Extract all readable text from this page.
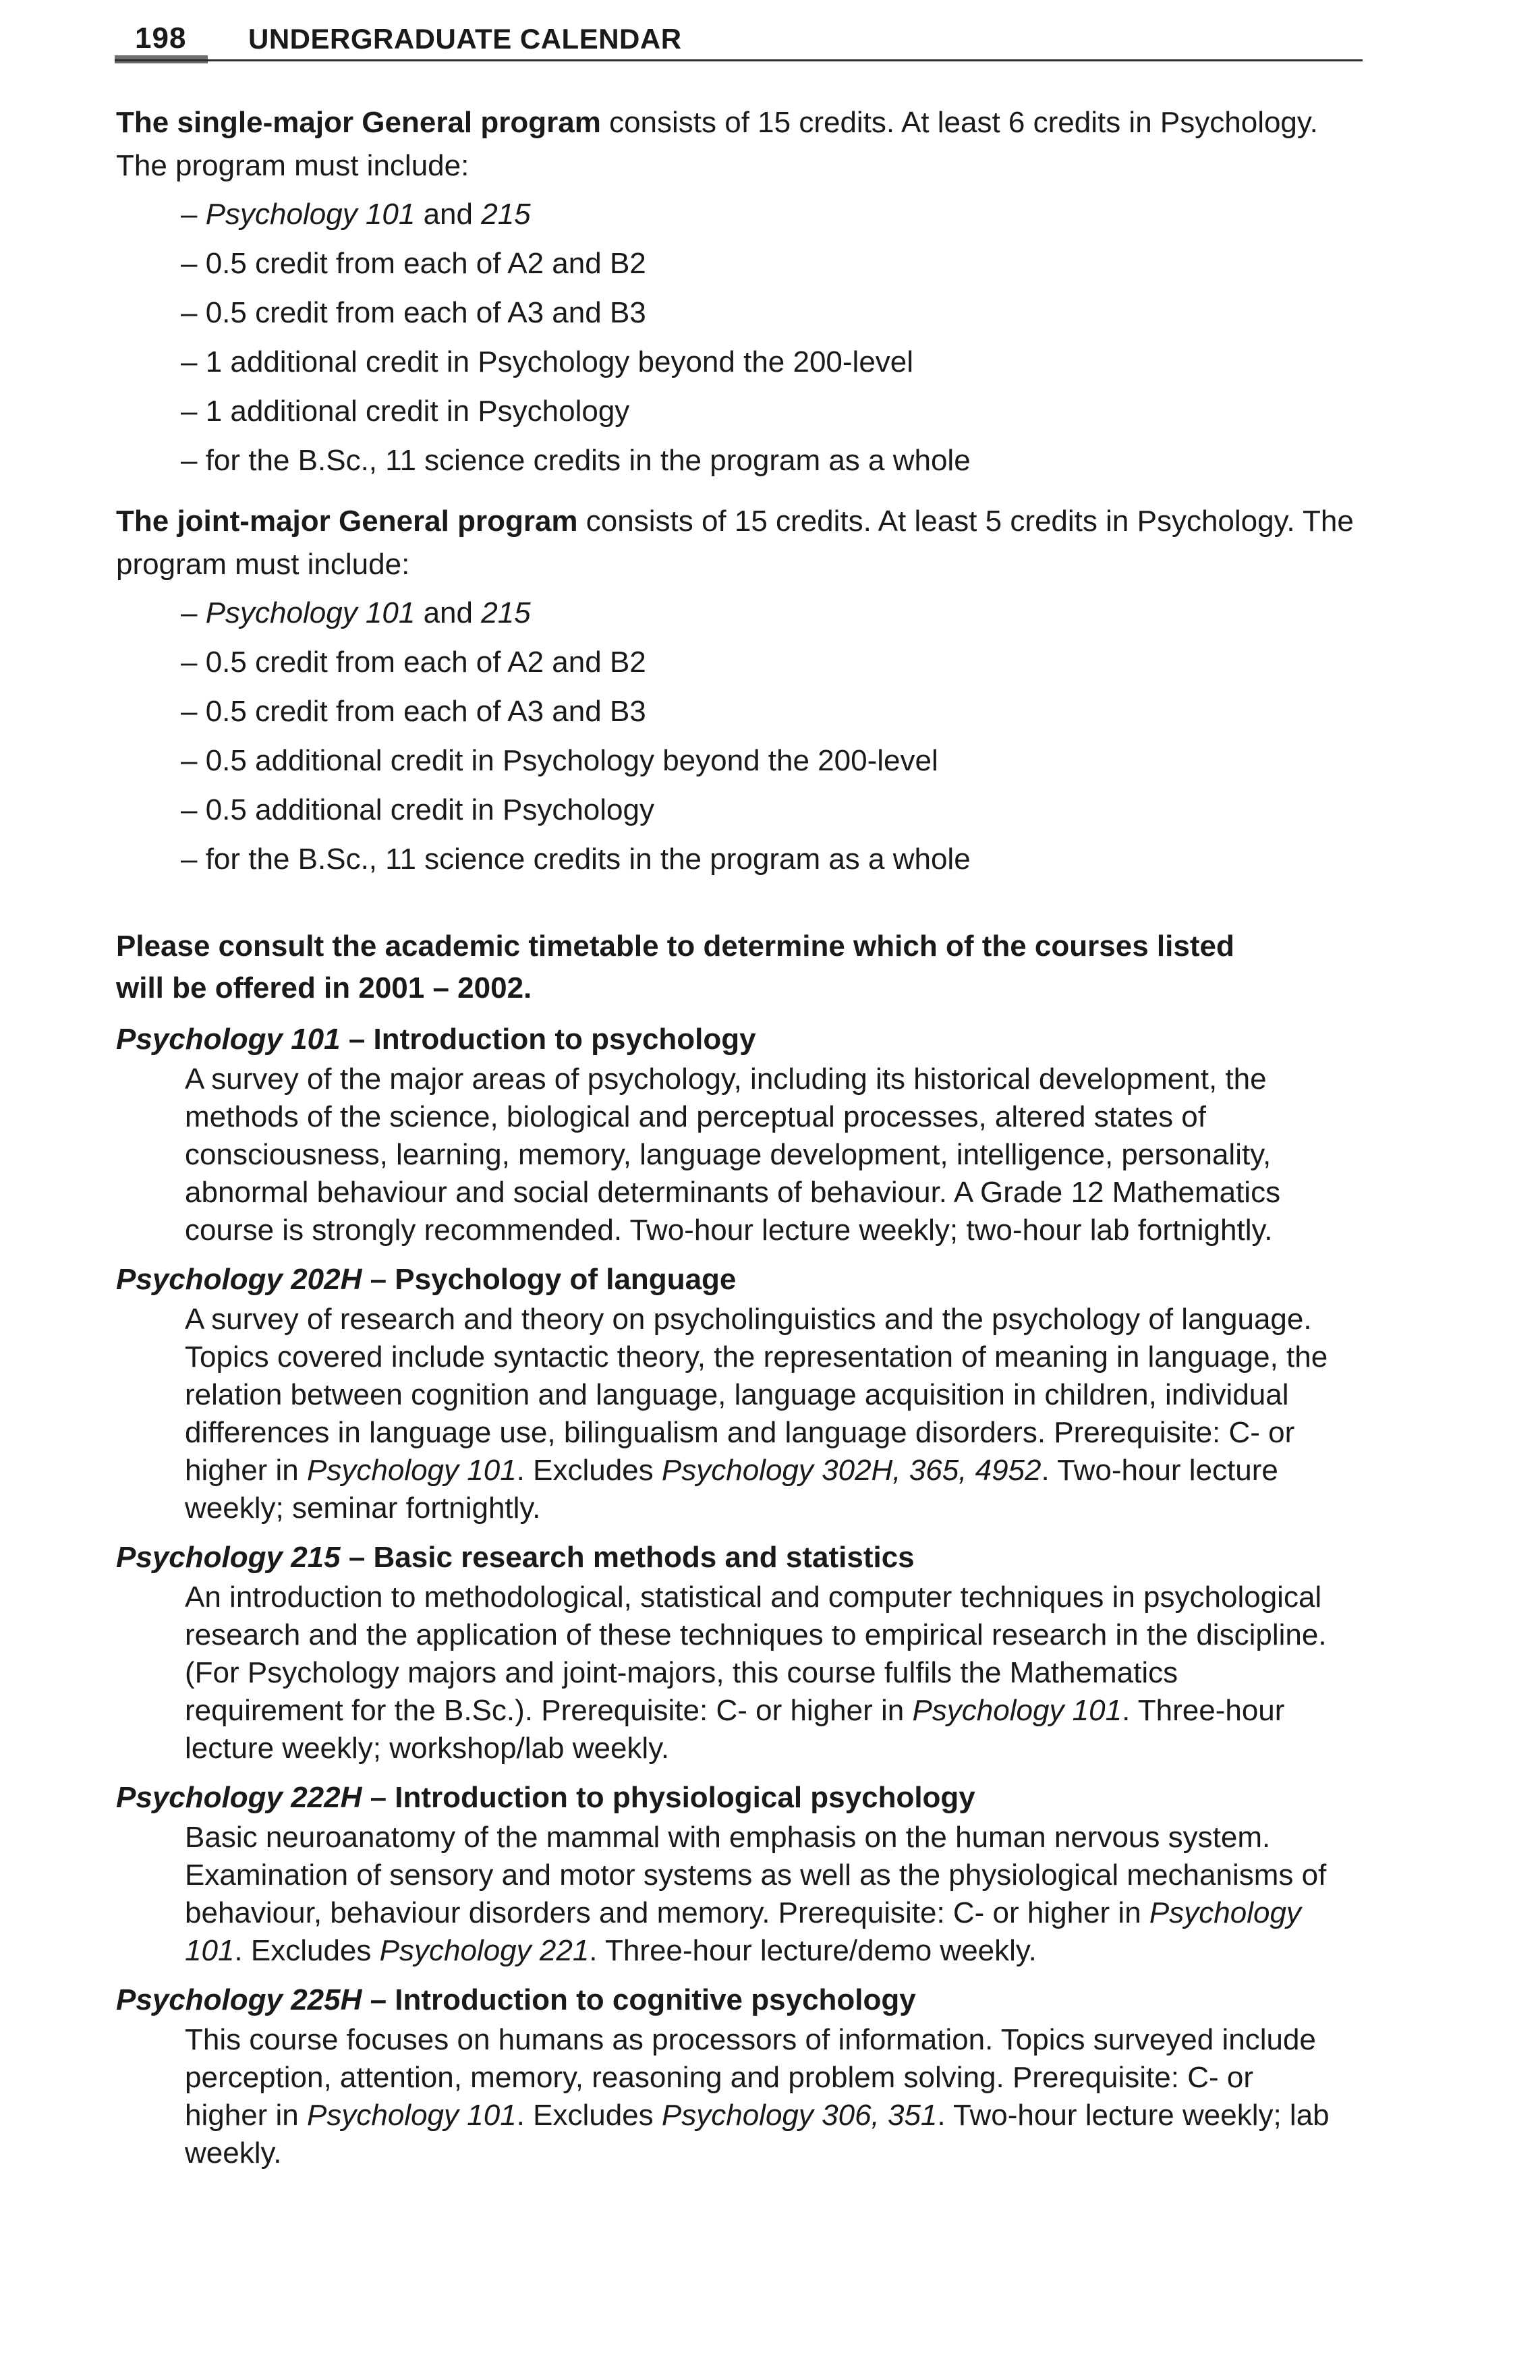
198 UNDERGRADUATE CALENDAR

The single-major General program consists of 15 credits. At least 6 credits in Psychology. The program must include:

– Psychology 101 and 215
– 0.5 credit from each of A2 and B2
– 0.5 credit from each of A3 and B3
– 1 additional credit in Psychology beyond the 200-level
– 1 additional credit in Psychology
– for the B.Sc., 11 science credits in the program as a whole

The joint-major General program consists of 15 credits. At least 5 credits in Psychology. The program must include:

– Psychology 101 and 215
– 0.5 credit from each of A2 and B2
– 0.5 credit from each of A3 and B3
– 0.5 additional credit in Psychology beyond the 200-level
– 0.5 additional credit in Psychology
– for the B.Sc., 11 science credits in the program as a whole

Please consult the academic timetable to determine which of the courses listed will be offered in 2001 – 2002.

Psychology 101 – Introduction to psychology

A survey of the major areas of psychology, including its historical development, the methods of the science, biological and perceptual processes, altered states of consciousness, learning, memory, language development, intelligence, personality, abnormal behaviour and social determinants of behaviour. A Grade 12 Mathematics course is strongly recommended. Two-hour lecture weekly; two-hour lab fortnightly.

Psychology 202H – Psychology of language

A survey of research and theory on psycholinguistics and the psychology of language. Topics covered include syntactic theory, the representation of meaning in language, the relation between cognition and language, language acquisition in children, individual differences in language use, bilingualism and language disorders. Prerequisite: C- or higher in Psychology 101. Excludes Psychology 302H, 365, 4952. Two-hour lecture weekly; seminar fortnightly.

Psychology 215 – Basic research methods and statistics

An introduction to methodological, statistical and computer techniques in psychological research and the application of these techniques to empirical research in the discipline. (For Psychology majors and joint-majors, this course fulfils the Mathematics requirement for the B.Sc.). Prerequisite: C- or higher in Psychology 101. Three-hour lecture weekly; workshop/lab weekly.

Psychology 222H – Introduction to physiological psychology

Basic neuroanatomy of the mammal with emphasis on the human nervous system. Examination of sensory and motor systems as well as the physiological mechanisms of behaviour, behaviour disorders and memory. Prerequisite: C- or higher in Psychology 101. Excludes Psychology 221. Three-hour lecture/demo weekly.

Psychology 225H – Introduction to cognitive psychology

This course focuses on humans as processors of information. Topics surveyed include perception, attention, memory, reasoning and problem solving. Prerequisite: C- or higher in Psychology 101. Excludes Psychology 306, 351. Two-hour lecture weekly; lab weekly.
